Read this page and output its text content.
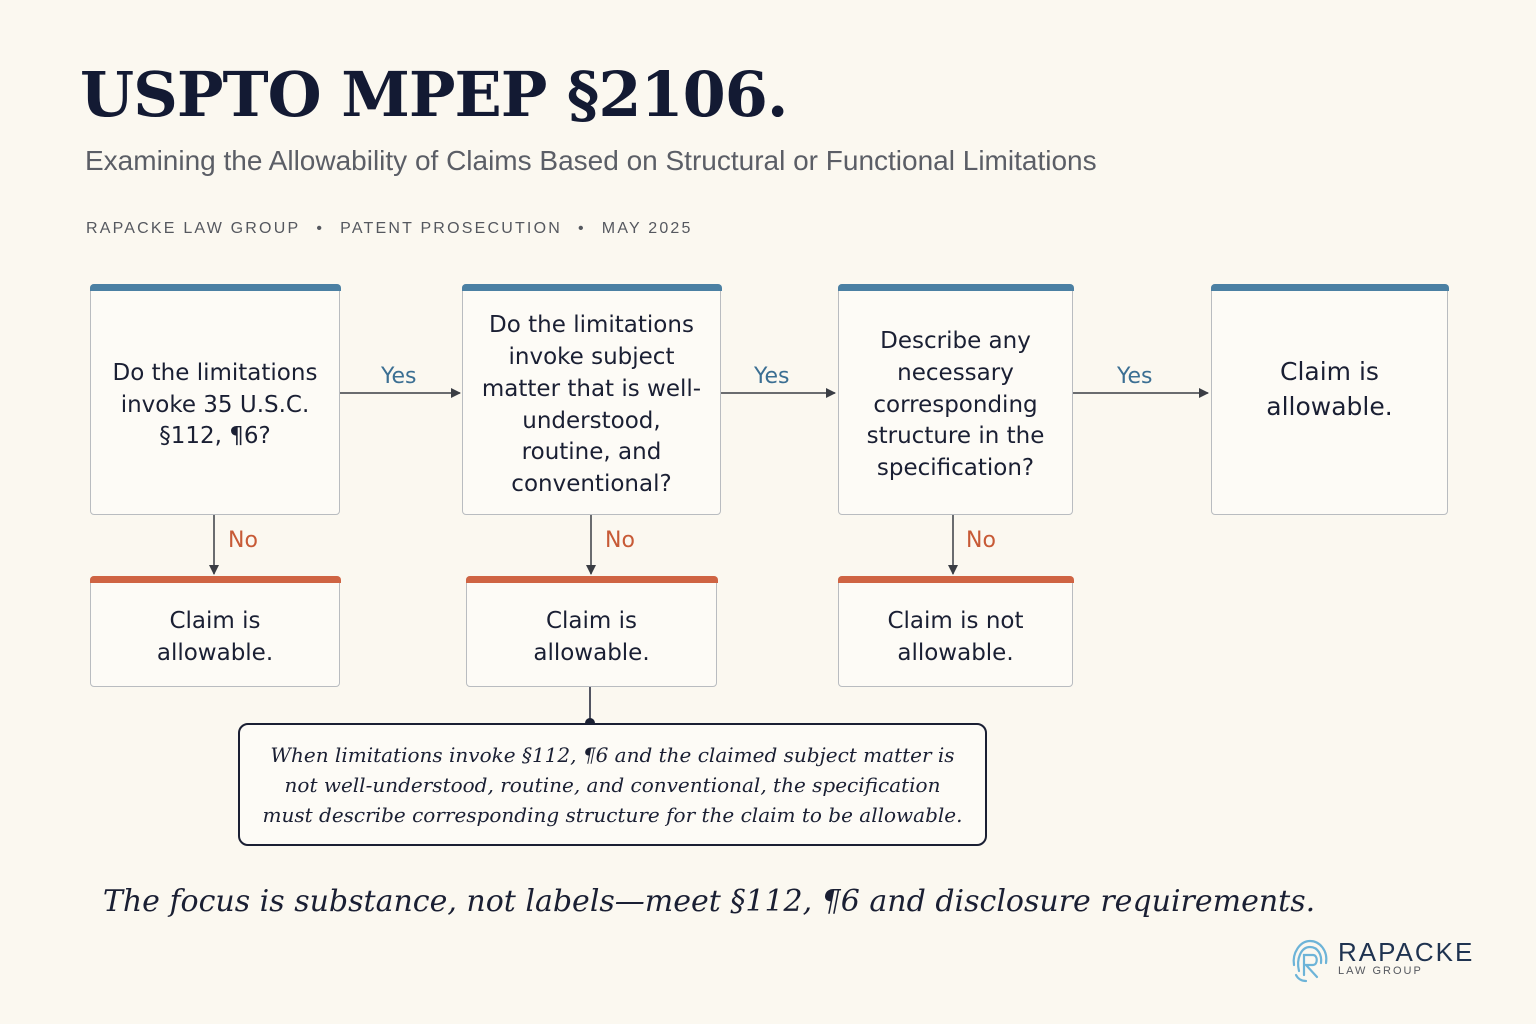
USPTO MPEP §2106.
Examining the Allowability of Claims Based on Structural or Functional Limitations
RAPACKE LAW GROUP • PATENT PROSECUTION • MAY 2025
Do the limitations invoke 35 U.S.C. §112, ¶6?
Do the limitations invoke subject matter that is well-understood, routine, and conventional?
Describe any necessary corresponding structure in the specification?
Claim is allowable.
Claim is allowable.
Claim is allowable.
Claim is not allowable.
Yes	Yes	Yes
No	No	No
When limitations invoke §112, ¶6 and the claimed subject matter is not well-understood, routine, and conventional, the specification must describe corresponding structure for the claim to be allowable.
The focus is substance, not labels—meet §112, ¶6 and disclosure requirements.
RAPACKE
LAW GROUP
